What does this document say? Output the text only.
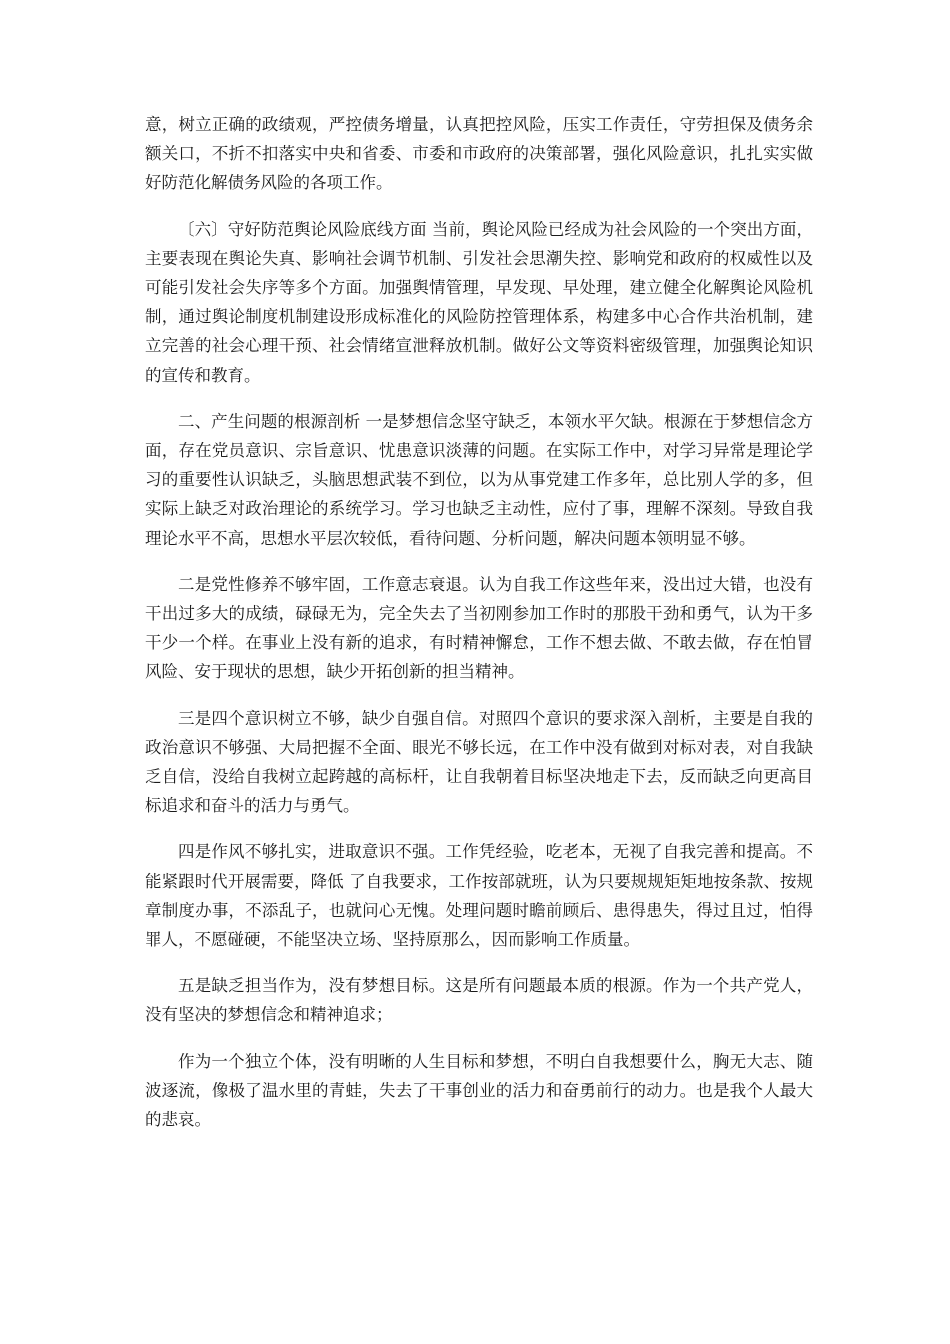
意，树立正确的政绩观，严控债务增量，认真把控风险，压实工作责任，守劳担保及债务余额关口，不折不扣落实中央和省委、市委和市政府的决策部署，强化风险意识，扎扎实实做好防范化解债务风险的各项工作。

〔六〕守好防范舆论风险底线方面 当前，舆论风险已经成为社会风险的一个突出方面，主要表现在舆论失真、影响社会调节机制、引发社会思潮失控、影响党和政府的权威性以及可能引发社会失序等多个方面。加强舆情管理，早发现、早处理，建立健全化解舆论风险机制，通过舆论制度机制建设形成标准化的风险防控管理体系，构建多中心合作共治机制，建立完善的社会心理干预、社会情绪宣泄释放机制。做好公文等资料密级管理，加强舆论知识的宣传和教育。

二、产生问题的根源剖析 一是梦想信念坚守缺乏，本领水平欠缺。根源在于梦想信念方面，存在党员意识、宗旨意识、忧患意识淡薄的问题。在实际工作中，对学习异常是理论学习的重要性认识缺乏，头脑思想武装不到位，以为从事党建工作多年，总比别人学的多，但实际上缺乏对政治理论的系统学习。学习也缺乏主动性，应付了事，理解不深刻。导致自我理论水平不高，思想水平层次较低，看待问题、分析问题，解决问题本领明显不够。

二是党性修养不够牢固，工作意志衰退。认为自我工作这些年来，没出过大错，也没有干出过多大的成绩，碌碌无为，完全失去了当初刚参加工作时的那股干劲和勇气，认为干多干少一个样。在事业上没有新的追求，有时精神懈怠，工作不想去做、不敢去做，存在怕冒风险、安于现状的思想，缺少开拓创新的担当精神。

三是四个意识树立不够，缺少自强自信。对照四个意识的要求深入剖析，主要是自我的政治意识不够强、大局把握不全面、眼光不够长远，在工作中没有做到对标对表，对自我缺乏自信，没给自我树立起跨越的高标杆，让自我朝着目标坚决地走下去，反而缺乏向更高目标追求和奋斗的活力与勇气。

四是作风不够扎实，进取意识不强。工作凭经验，吃老本，无视了自我完善和提高。不能紧跟时代开展需要，降低 了自我要求，工作按部就班，认为只要规规矩矩地按条款、按规章制度办事，不添乱子，也就问心无愧。处理问题时瞻前顾后、患得患失，得过且过，怕得罪人，不愿碰硬，不能坚决立场、坚持原那么，因而影响工作质量。

五是缺乏担当作为，没有梦想目标。这是所有问题最本质的根源。作为一个共产党人，没有坚决的梦想信念和精神追求；

作为一个独立个体，没有明晰的人生目标和梦想，不明白自我想要什么，胸无大志、随波逐流，像极了温水里的青蛙，失去了干事创业的活力和奋勇前行的动力。也是我个人最大的悲哀。
